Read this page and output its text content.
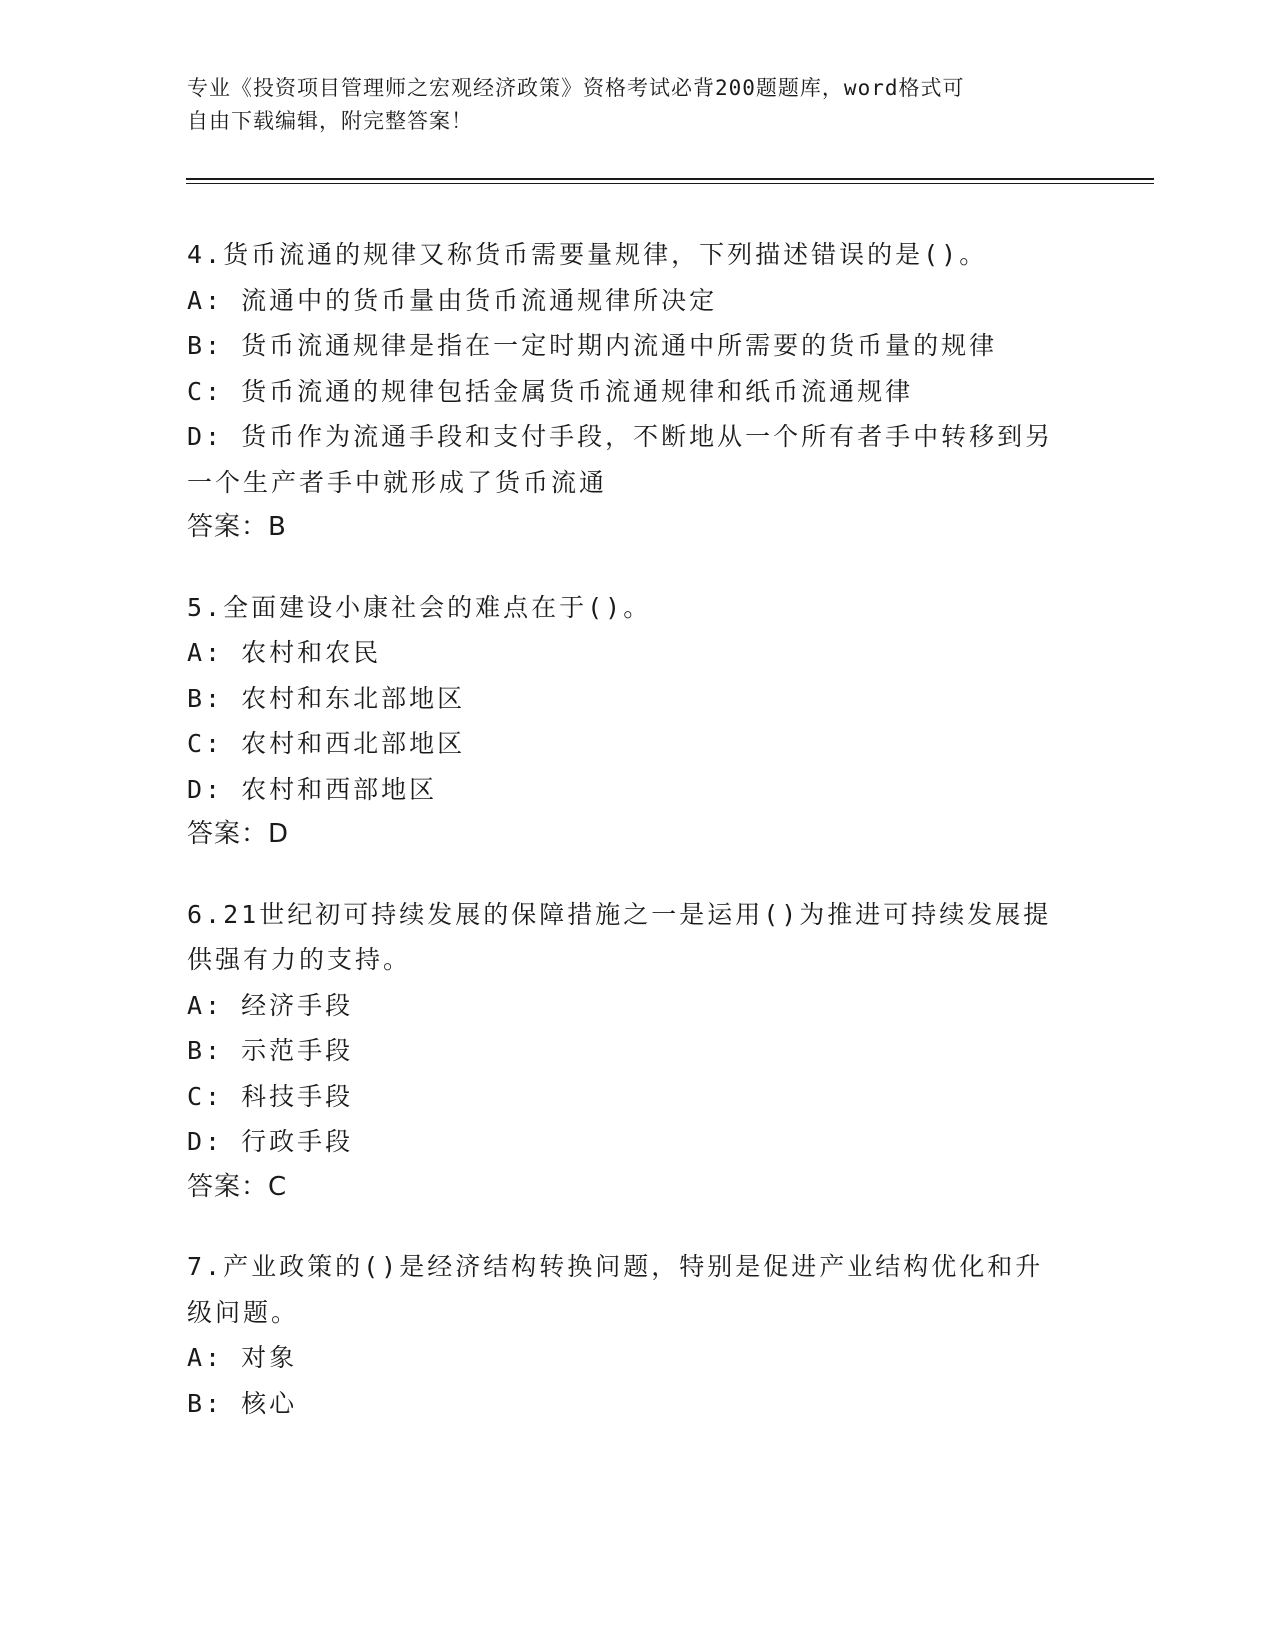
专业《投资项目管理师之宏观经济政策》资格考试必背200题题库，word格式可
自由下载编辑，附完整答案！

4.货币流通的规律又称货币需要量规律，下列描述错误的是()。

A: 流通中的货币量由货币流通规律所决定

B: 货币流通规律是指在一定时期内流通中所需要的货币量的规律

C: 货币流通的规律包括金属货币流通规律和纸币流通规律

D: 货币作为流通手段和支付手段，不断地从一个所有者手中转移到另

一个生产者手中就形成了货币流通

答案：B

5.全面建设小康社会的难点在于()。

A: 农村和农民

B: 农村和东北部地区

C: 农村和西北部地区

D: 农村和西部地区

答案：D

6.21世纪初可持续发展的保障措施之一是运用()为推进可持续发展提

供强有力的支持。

A: 经济手段

B: 示范手段

C: 科技手段

D: 行政手段

答案：C

7.产业政策的()是经济结构转换问题，特别是促进产业结构优化和升

级问题。

A: 对象

B: 核心
